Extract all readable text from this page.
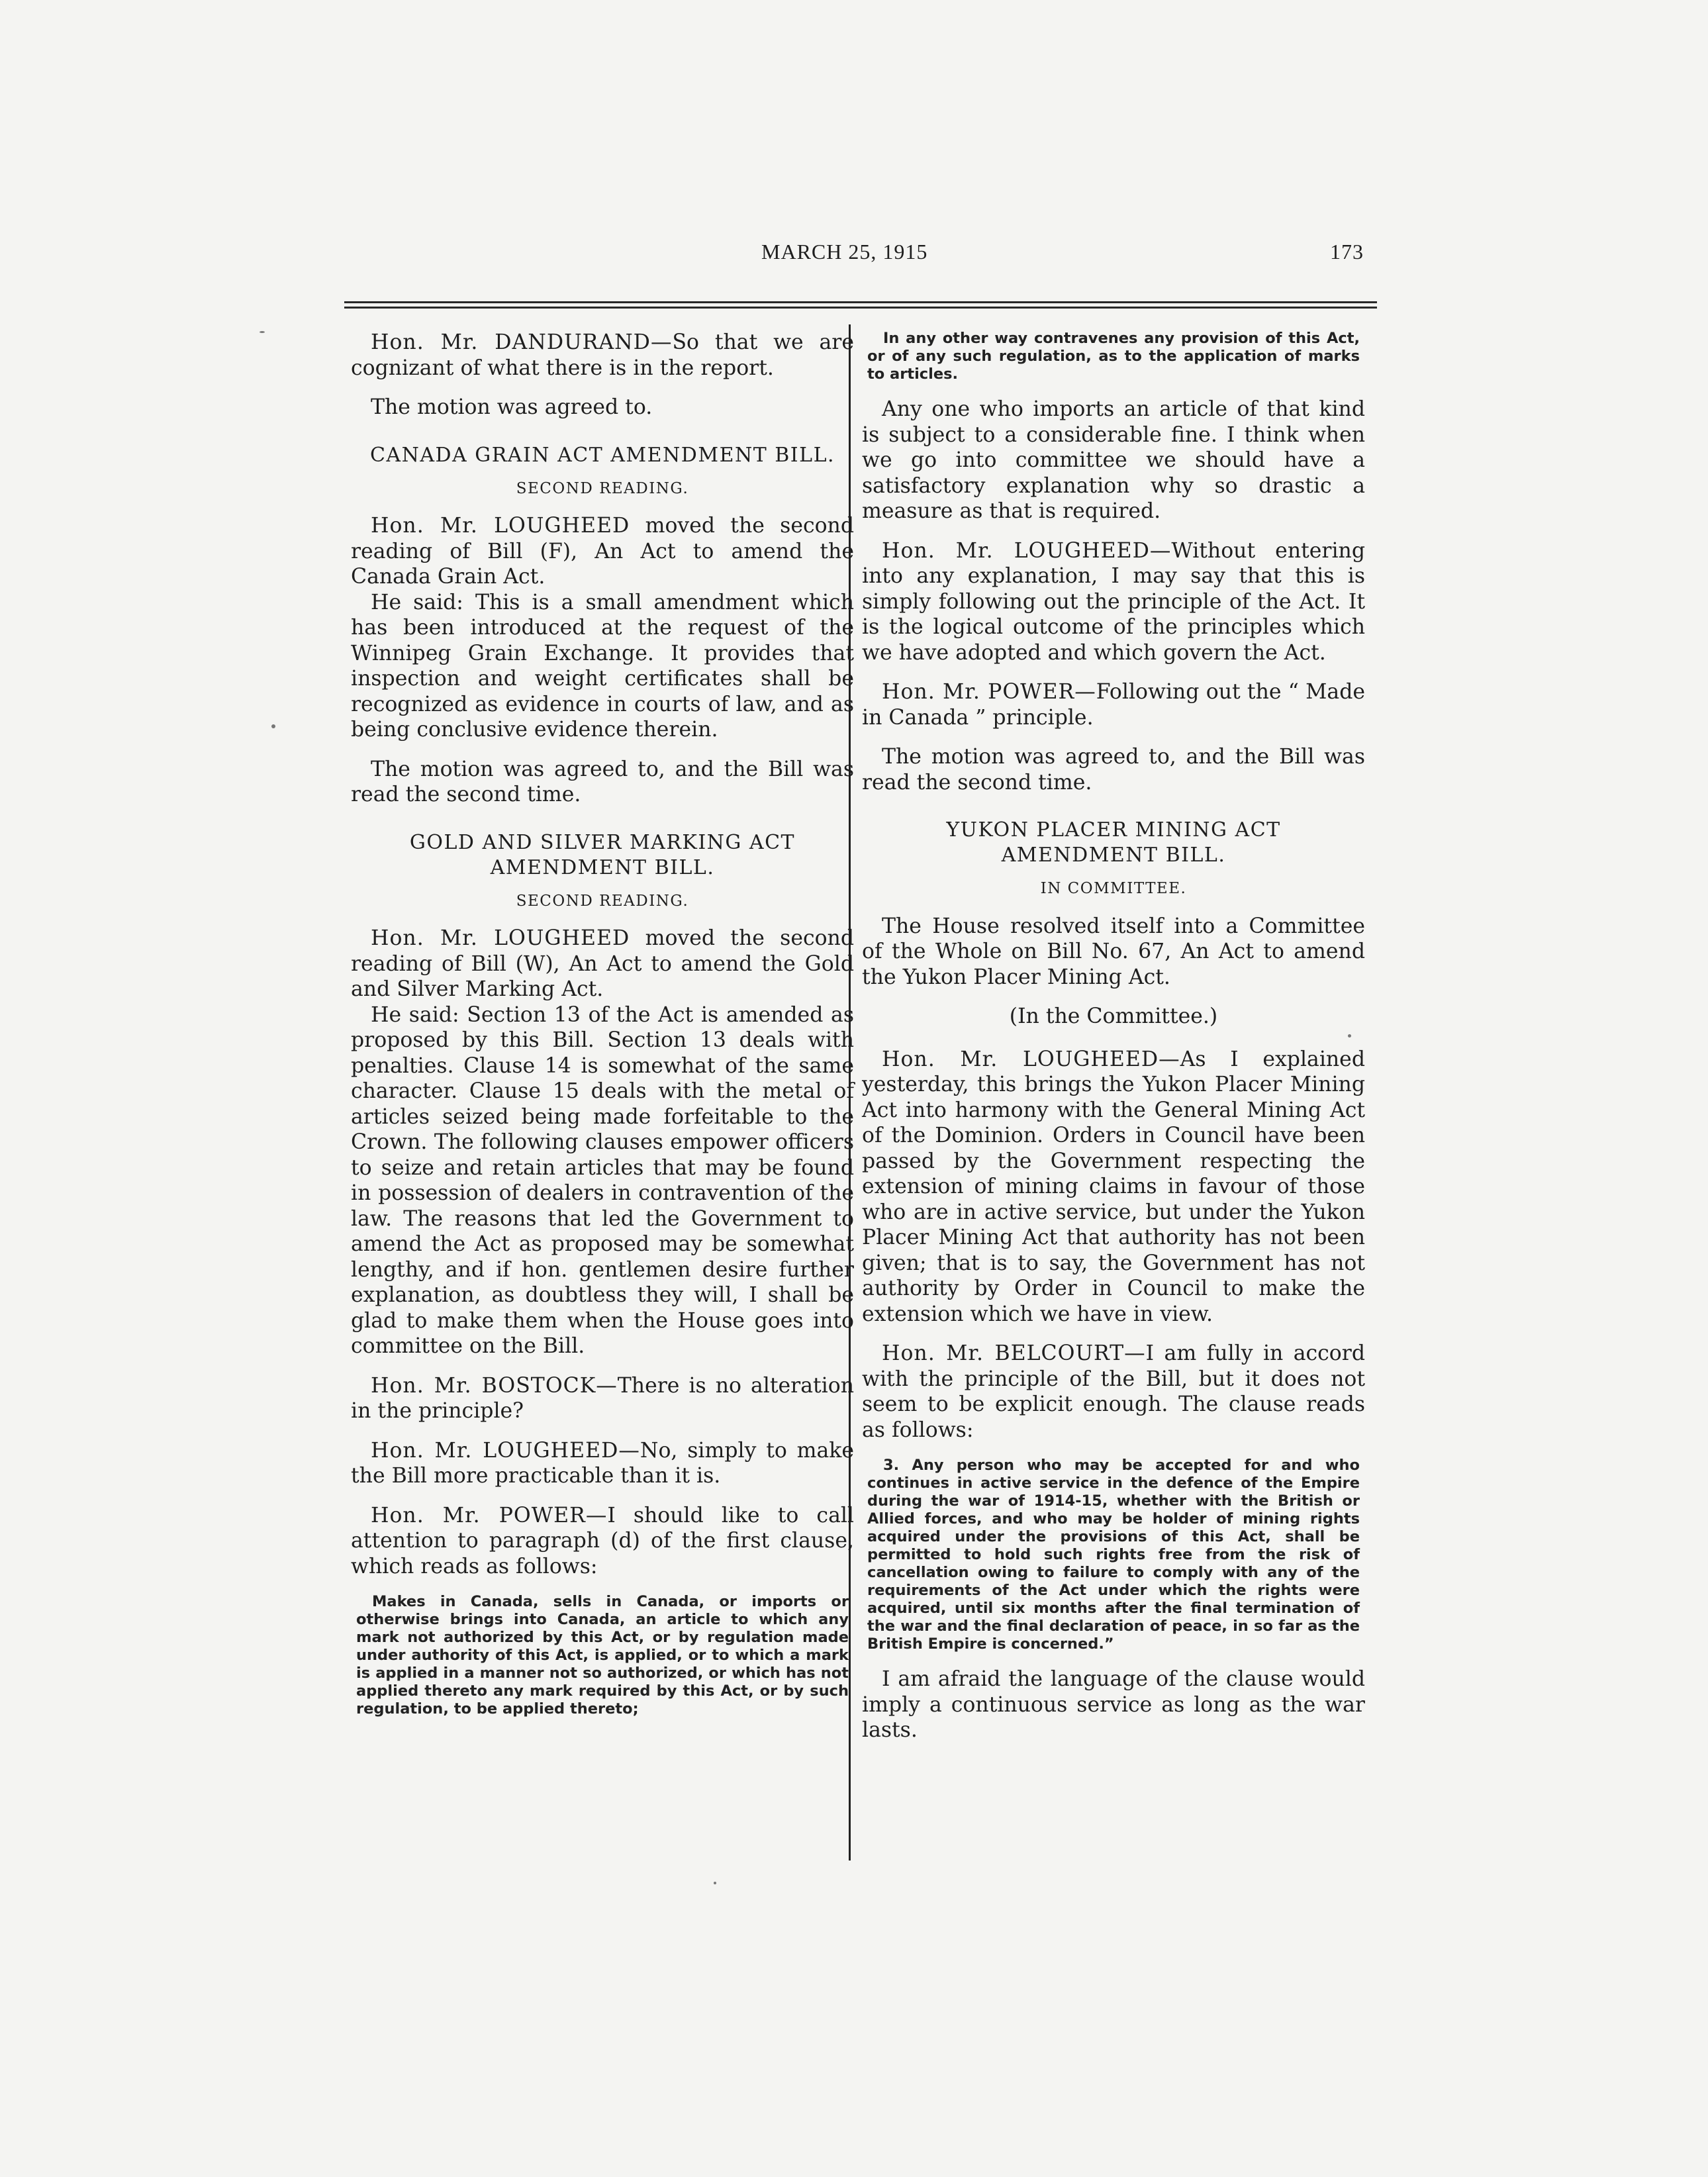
MARCH 25, 1915	173

Hon. Mr. DANDURAND—So that we are cognizant of what there is in the report.

The motion was agreed to.

CANADA GRAIN ACT AMENDMENT BILL.
SECOND READING.

Hon. Mr. LOUGHEED moved the second reading of Bill (F), An Act to amend the Canada Grain Act.

He said: This is a small amendment which has been introduced at the request of the Winnipeg Grain Exchange. It provides that inspection and weight certificates shall be recognized as evidence in courts of law, and as being conclusive evidence therein.

The motion was agreed to, and the Bill was read the second time.

GOLD AND SILVER MARKING ACT AMENDMENT BILL.
SECOND READING.

Hon. Mr. LOUGHEED moved the second reading of Bill (W), An Act to amend the Gold and Silver Marking Act.

He said: Section 13 of the Act is amended as proposed by this Bill. Section 13 deals with penalties. Clause 14 is somewhat of the same character. Clause 15 deals with the metal of articles seized being made forfeitable to the Crown. The following clauses empower officers to seize and retain articles that may be found in possession of dealers in contravention of the law. The reasons that led the Government to amend the Act as proposed may be somewhat lengthy, and if hon. gentlemen desire further explanation, as doubtless they will, I shall be glad to make them when the House goes into committee on the Bill.

Hon. Mr. BOSTOCK—There is no alteration in the principle?

Hon. Mr. LOUGHEED—No, simply to make the Bill more practicable than it is.

Hon. Mr. POWER—I should like to call attention to paragraph (d) of the first clause, which reads as follows:

Makes in Canada, sells in Canada, or imports or otherwise brings into Canada, an article to which any mark not authorized by this Act, or by regulation made under authority of this Act, is applied, or to which a mark is applied in a manner not so authorized, or which has not applied thereto any mark required by this Act, or by such regulation, to be applied thereto;
In any other way contravenes any provision of this Act, or of any such regulation, as to the application of marks to articles.

Any one who imports an article of that kind is subject to a considerable fine. I think when we go into committee we should have a satisfactory explanation why so drastic a measure as that is required.

Hon. Mr. LOUGHEED—Without entering into any explanation, I may say that this is simply following out the principle of the Act. It is the logical outcome of the principles which we have adopted and which govern the Act.

Hon. Mr. POWER—Following out the “ Made in Canada ” principle.

The motion was agreed to, and the Bill was read the second time.

YUKON PLACER MINING ACT AMENDMENT BILL.
IN COMMITTEE.

The House resolved itself into a Committee of the Whole on Bill No. 67, An Act to amend the Yukon Placer Mining Act.

(In the Committee.)

Hon. Mr. LOUGHEED—As I explained yesterday, this brings the Yukon Placer Mining Act into harmony with the General Mining Act of the Dominion. Orders in Council have been passed by the Government respecting the extension of mining claims in favour of those who are in active service, but under the Yukon Placer Mining Act that authority has not been given; that is to say, the Government has not authority by Order in Council to make the extension which we have in view.

Hon. Mr. BELCOURT—I am fully in accord with the principle of the Bill, but it does not seem to be explicit enough. The clause reads as follows:

3. Any person who may be accepted for and who continues in active service in the defence of the Empire during the war of 1914-15, whether with the British or Allied forces, and who may be holder of mining rights acquired under the provisions of this Act, shall be permitted to hold such rights free from the risk of cancellation owing to failure to comply with any of the requirements of the Act under which the rights were acquired, until six months after the final termination of the war and the final declaration of peace, in so far as the British Empire is concerned.”

I am afraid the language of the clause would imply a continuous service as long as the war lasts.
